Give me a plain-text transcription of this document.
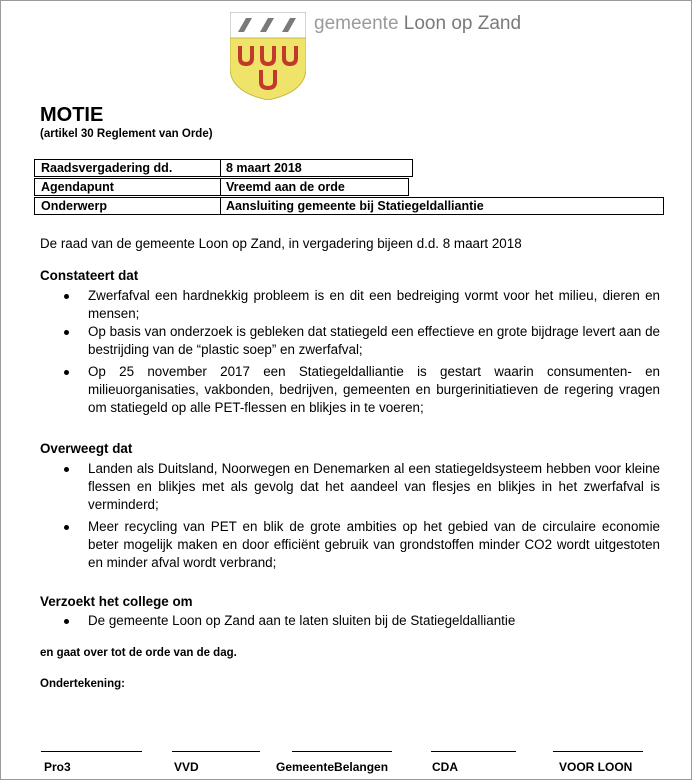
gemeente Loon op Zand
MOTIE
(artikel 30 Reglement van Orde)
Raadsvergadering dd.	8 maart 2018
Agendapunt	Vreemd aan de orde
Onderwerp	Aansluiting gemeente bij Statiegeldalliantie
De raad van de gemeente Loon op Zand, in vergadering bijeen d.d. 8 maart 2018
Constateert dat
Zwerfafval een hardnekkig probleem is en dit een bedreiging vormt voor het milieu, dieren en mensen;
Op basis van onderzoek is gebleken dat statiegeld een effectieve en grote bijdrage levert aan de bestrijding van de “plastic soep” en zwerfafval;
Op 25 november 2017 een Statiegeldalliantie is gestart waarin consumenten- en milieuorganisaties, vakbonden, bedrijven, gemeenten en burgerinitiatieven de regering vragen om statiegeld op alle PET-flessen en blikjes in te voeren;
Overweegt dat
Landen als Duitsland, Noorwegen en Denemarken al een statiegeldsysteem hebben voor kleine flessen en blikjes met als gevolg dat het aandeel van flesjes en blikjes in het zwerfafval is verminderd;
Meer recycling van PET en blik de grote ambities op het gebied van de circulaire economie beter mogelijk maken en door efficiënt gebruik van grondstoffen minder CO2 wordt uitgestoten en minder afval wordt verbrand;
Verzoekt het college om
De gemeente Loon op Zand aan te laten sluiten bij de Statiegeldalliantie
en gaat over tot de orde van de dag.
Ondertekening:
Pro3	VVD	GemeenteBelangen	CDA	VOOR LOON
